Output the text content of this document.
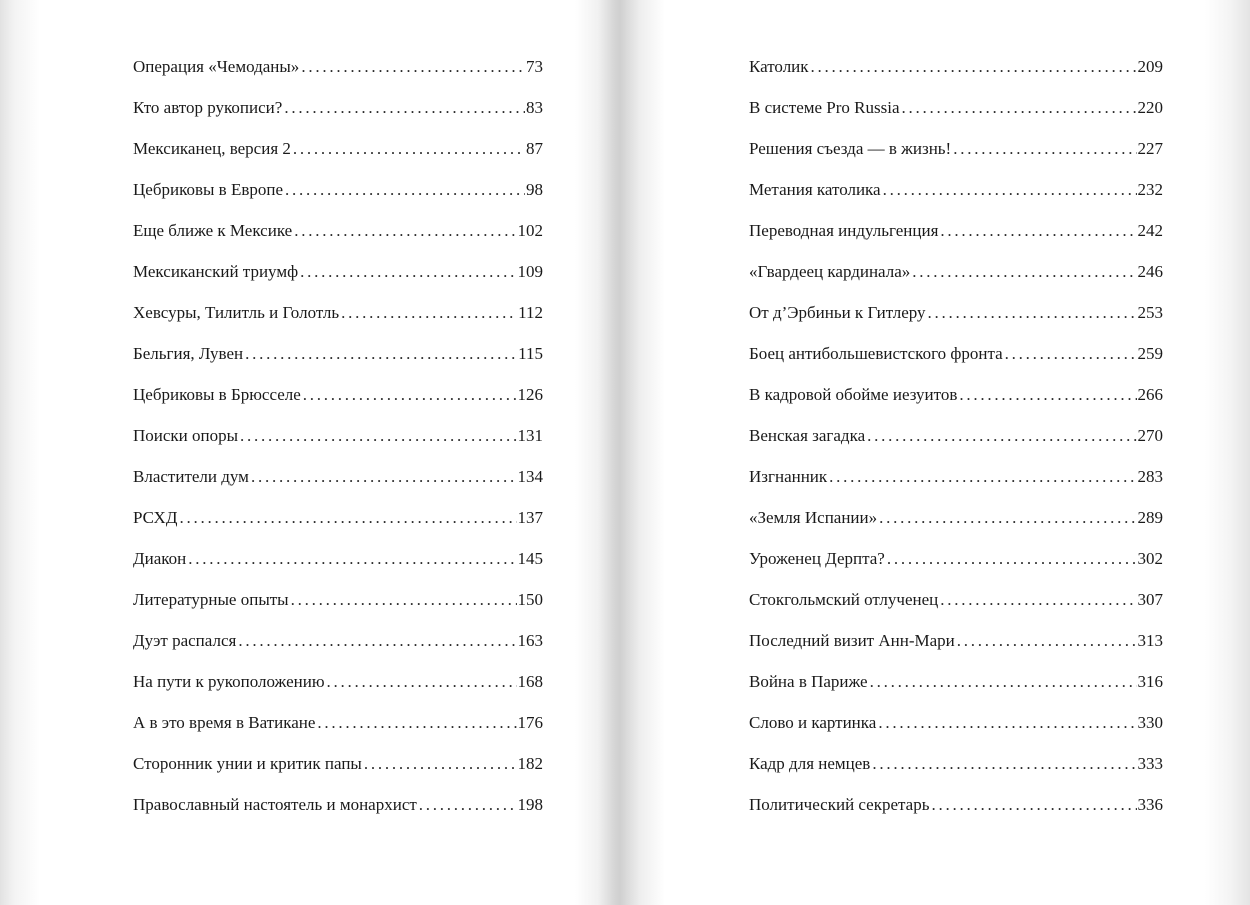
Операция «Чемоданы» . . .	73
Кто автор рукописи? . . .	83
Мексиканец, версия 2 . . .	87
Цебриковы в Европе . . .	98
Еще ближе к Мексике . . .	102
Мексиканский триумф . . .	109
Хевсуры, Тилитль и Голотль . . .	112
Бельгия, Лувен . . .	115
Цебриковы в Брюсселе . . .	126
Поиски опоры . . .	131
Властители дум . . .	134
РСХД . . .	137
Диакон . . .	145
Литературные опыты . . .	150
Дуэт распался . . .	163
На пути к рукоположению . . .	168
А в это время в Ватикане . . .	176
Сторонник унии и критик папы . . .	182
Православный настоятель и монархист . . .	198
Католик . . .	209
В системе Pro Russia . . .	220
Решения съезда — в жизнь! . . .	227
Метания католика . . .	232
Переводная индульгенция . . .	242
«Гвардеец кардинала» . . .	246
От д’Эрбиньи к Гитлеру . . .	253
Боец антибольшевистского фронта . . .	259
В кадровой обойме иезуитов . . .	266
Венская загадка . . .	270
Изгнанник . . .	283
«Земля Испании» . . .	289
Уроженец Дерпта? . . .	302
Стокгольмский отлученец . . .	307
Последний визит Анн-Мари . . .	313
Война в Париже . . .	316
Слово и картинка . . .	330
Кадр для немцев . . .	333
Политический секретарь . . .	336
